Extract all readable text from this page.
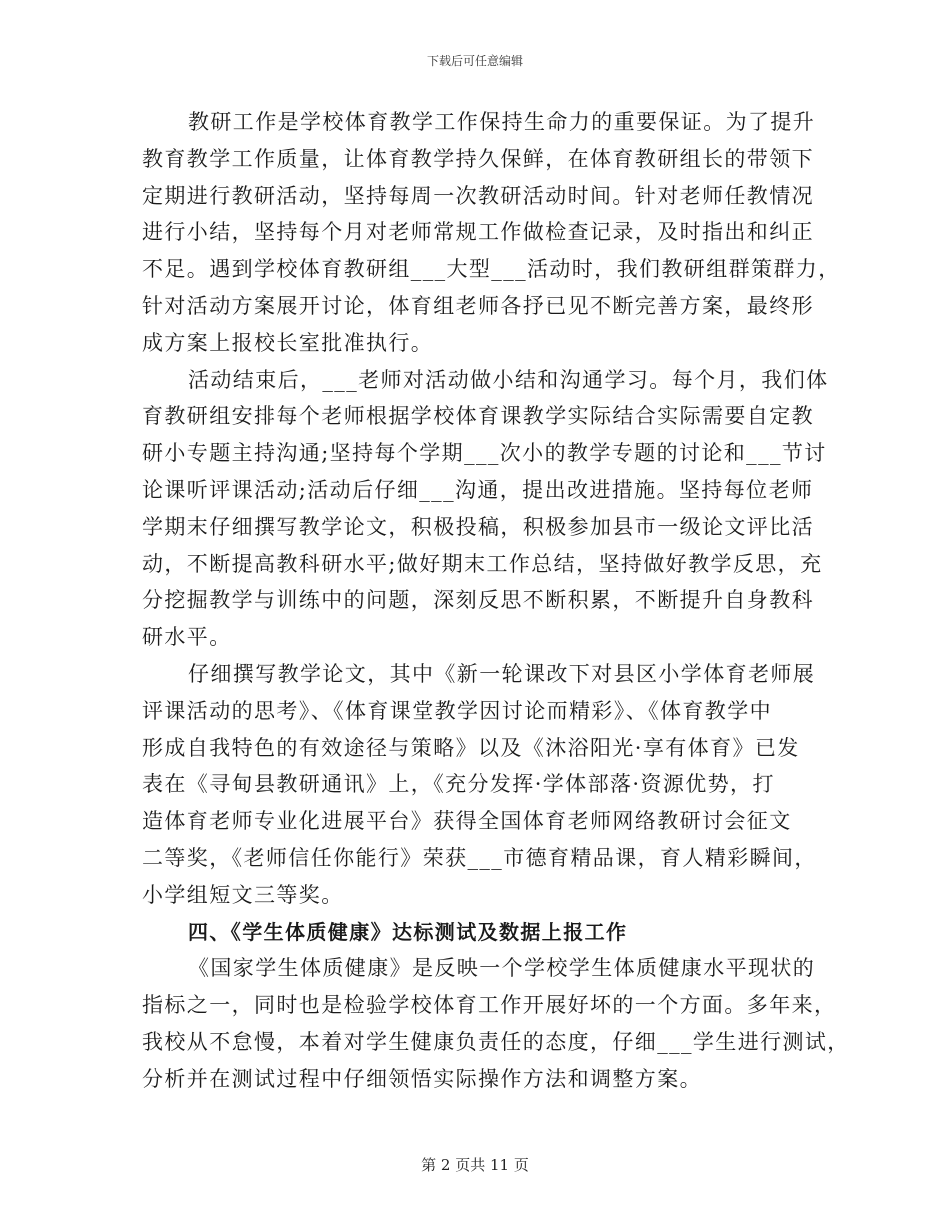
下载后可任意编辑
教研工作是学校体育教学工作保持生命力的重要保证。为了提升
教育教学工作质量，让体育教学持久保鲜，在体育教研组长的带领下
定期进行教研活动，坚持每周一次教研活动时间。针对老师任教情况
进行小结，坚持每个月对老师常规工作做检查记录，及时指出和纠正
不足。遇到学校体育教研组___大型___活动时，我们教研组群策群力，
针对活动方案展开讨论，体育组老师各抒已见不断完善方案，最终形
成方案上报校长室批准执行。
活动结束后，___老师对活动做小结和沟通学习。每个月，我们体
育教研组安排每个老师根据学校体育课教学实际结合实际需要自定教
研小专题主持沟通;坚持每个学期___次小的教学专题的讨论和___节讨
论课听评课活动;活动后仔细___沟通，提出改进措施。坚持每位老师
学期末仔细撰写教学论文，积极投稿，积极参加县市一级论文评比活
动，不断提高教科研水平;做好期末工作总结，坚持做好教学反思，充
分挖掘教学与训练中的问题，深刻反思不断积累，不断提升自身教科
研水平。
仔细撰写教学论文，其中《新一轮课改下对县区小学体育老师展
评课活动的思考》、《体育课堂教学因讨论而精彩》、《体育教学中
形成自我特色的有效途径与策略》以及《沐浴阳光·享有体育》已发
表在《寻甸县教研通讯》上，《充分发挥·学体部落·资源优势，打
造体育老师专业化进展平台》获得全国体育老师网络教研讨会征文
二等奖，《老师信任你能行》荣获___市德育精品课，育人精彩瞬间，
小学组短文三等奖。
四、《学生体质健康》达标测试及数据上报工作
《国家学生体质健康》是反映一个学校学生体质健康水平现状的
指标之一，同时也是检验学校体育工作开展好坏的一个方面。多年来，
我校从不怠慢，本着对学生健康负责任的态度，仔细___学生进行测试，
分析并在测试过程中仔细领悟实际操作方法和调整方案。
第 2 页共 11 页
